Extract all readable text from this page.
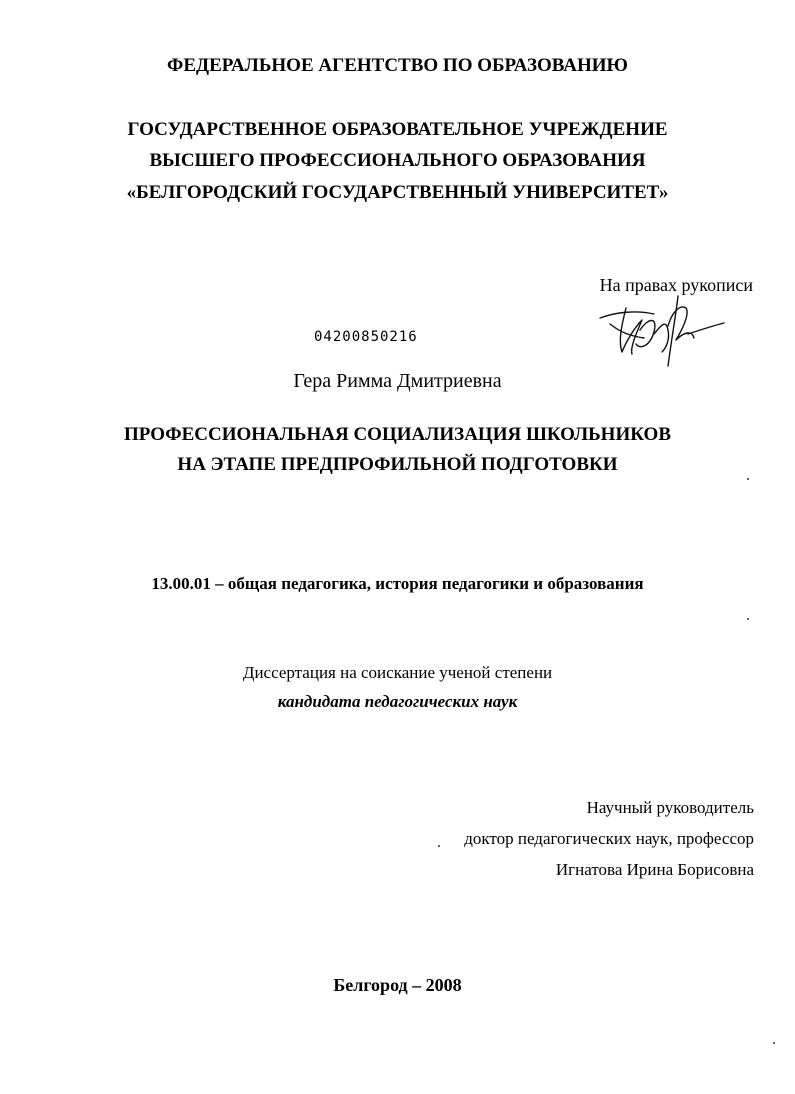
ФЕДЕРАЛЬНОЕ АГЕНТСТВО ПО ОБРАЗОВАНИЮ
ГОСУДАРСТВЕННОЕ ОБРАЗОВАТЕЛЬНОЕ УЧРЕЖДЕНИЕ
ВЫСШЕГО ПРОФЕССИОНАЛЬНОГО ОБРАЗОВАНИЯ
«БЕЛГОРОДСКИЙ ГОСУДАРСТВЕННЫЙ УНИВЕРСИТЕТ»
На правах рукописи
04200850216
Гера Римма Дмитриевна
ПРОФЕССИОНАЛЬНАЯ СОЦИАЛИЗАЦИЯ ШКОЛЬНИКОВ
НА ЭТАПЕ ПРЕДПРОФИЛЬНОЙ ПОДГОТОВКИ
13.00.01 – общая педагогика, история педагогики и образования
Диссертация на соискание ученой степени
кандидата педагогических наук
Научный руководитель
доктор педагогических наук, профессор
Игнатова Ирина Борисовна
Белгород – 2008
